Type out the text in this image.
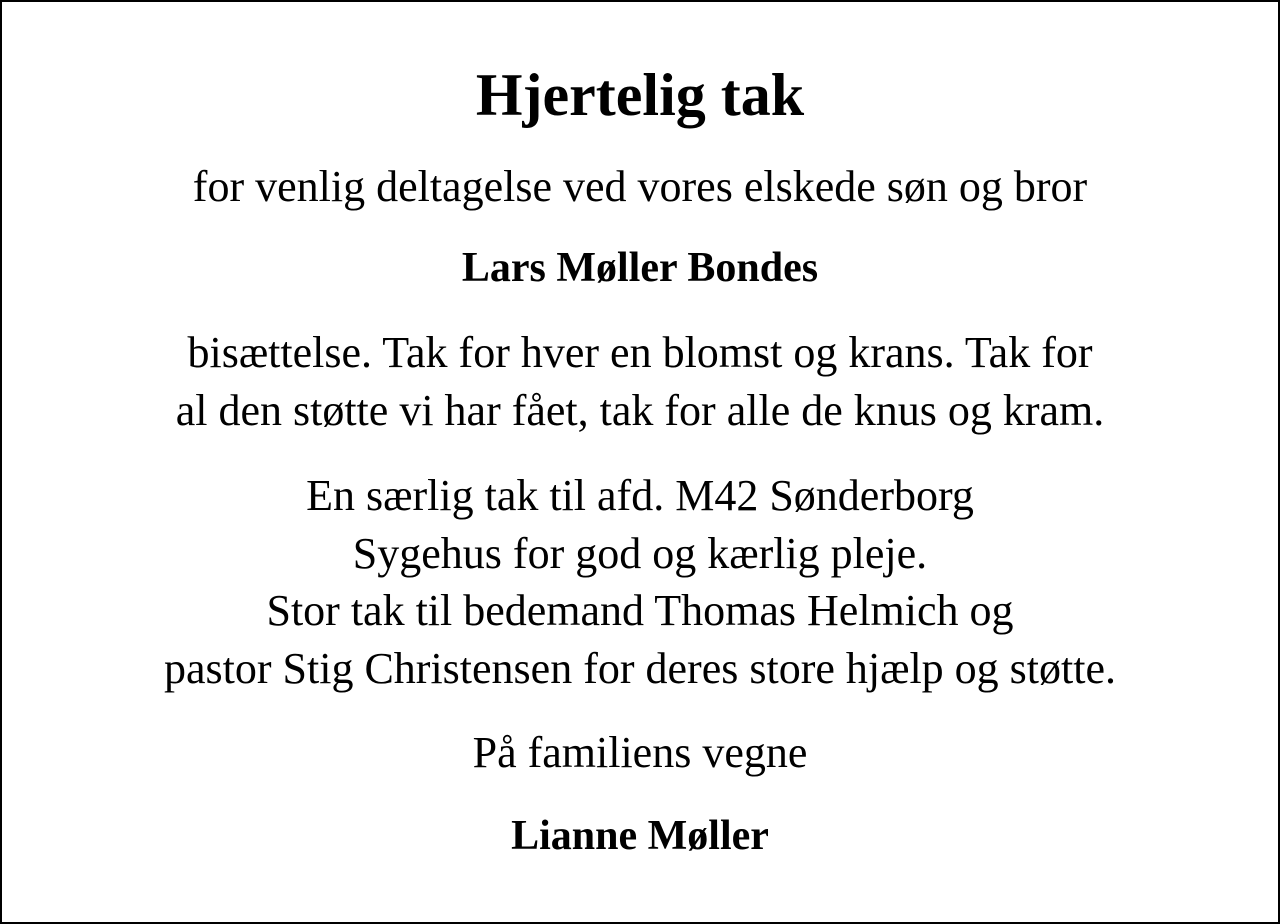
Hjertelig tak
for venlig deltagelse ved vores elskede søn og bror
Lars Møller Bondes
bisættelse. Tak for hver en blomst og krans. Tak for
al den støtte vi har fået, tak for alle de knus og kram.
En særlig tak til afd. M42 Sønderborg
Sygehus for god og kærlig pleje.
Stor tak til bedemand Thomas Helmich og
pastor Stig Christensen for deres store hjælp og støtte.
På familiens vegne
Lianne Møller
